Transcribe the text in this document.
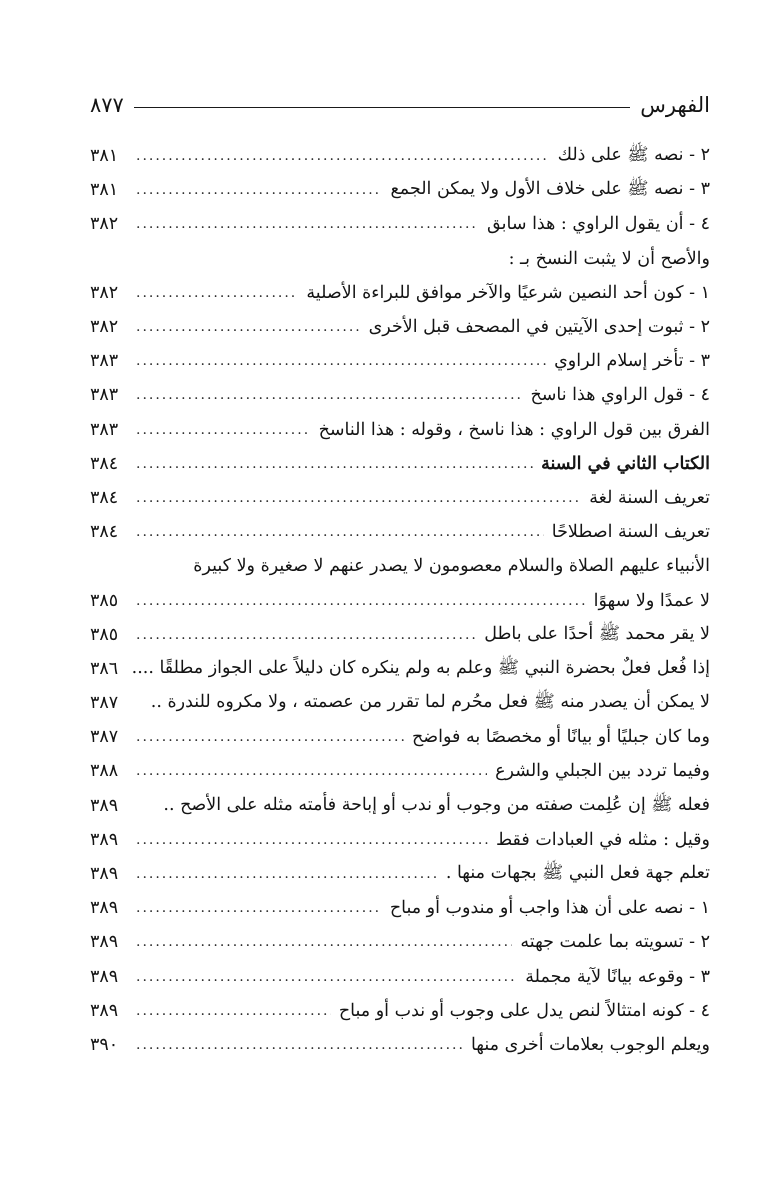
الفهرس
٨٧٧
٢ - نصه ﷺ على ذلك
.....
٣٨١
٣ - نصه ﷺ على خلاف الأول ولا يمكن الجمع
.....
٣٨١
٤ - أن يقول الراوي : هذا سابق
.....
٣٨٢
والأصح أن لا يثبت النسخ بـ :
١ - كون أحد النصين شرعيًا والآخر موافق للبراءة الأصلية
.....
٣٨٢
٢ - ثبوت إحدى الآيتين في المصحف قبل الأخرى
.....
٣٨٢
٣ - تأخر إسلام الراوي
.....
٣٨٣
٤ - قول الراوي هذا ناسخ
.....
٣٨٣
الفرق بين قول الراوي : هذا ناسخ ، وقوله : هذا الناسخ
.....
٣٨٣
الكتاب الثاني في السنة
.....
٣٨٤
تعريف السنة لغة
.....
٣٨٤
تعريف السنة اصطلاحًا
.....
٣٨٤
الأنبياء عليهم الصلاة والسلام معصومون لا يصدر عنهم لا صغيرة ولا كبيرة
لا عمدًا ولا سهوًا
.....
٣٨٥
لا يقر محمد ﷺ أحدًا على باطل
.....
٣٨٥
إذا فُعل فعلٌ بحضرة النبي ﷺ وعلم به ولم ينكره كان دليلاً على الجواز مطلقًا ....
٣٨٦
لا يمكن أن يصدر منه ﷺ فعل محُرم لما تقرر من عصمته ، ولا مكروه للندرة ..
٣٨٧
وما كان جبليًا أو بيانًا أو مخصصًا به فواضح
.....
٣٨٧
وفيما تردد بين الجبلي والشرع
.....
٣٨٨
فعله ﷺ إن عُلِمت صفته من وجوب أو ندب أو إباحة فأمته مثله على الأصح ..
٣٨٩
وقيل : مثله في العبادات فقط
.....
٣٨٩
تعلم جهة فعل النبي ﷺ بجهات منها .
.....
٣٨٩
١ - نصه على أن هذا واجب أو مندوب أو مباح
.....
٣٨٩
٢ - تسويته بما علمت جهته
.....
٣٨٩
٣ - وقوعه بيانًا لآية مجملة
.....
٣٨٩
٤ - كونه امتثالاً لنص يدل على وجوب أو ندب أو مباح
.....
٣٨٩
ويعلم الوجوب بعلامات أخرى منها
.....
٣٩٠
